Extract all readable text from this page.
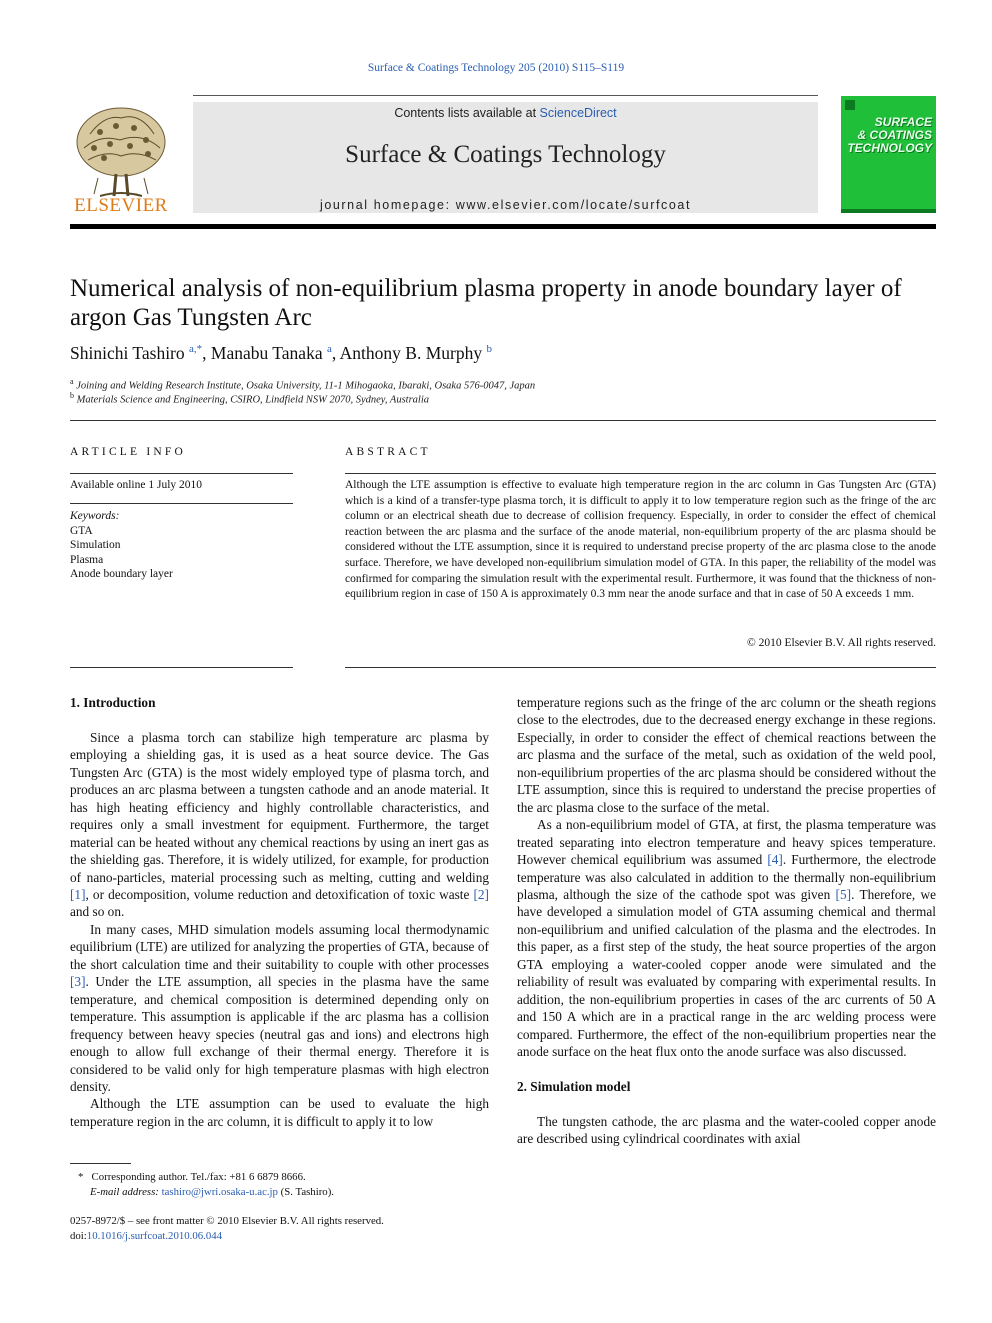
Surface & Coatings Technology 205 (2010) S115–S119
ELSEVIER
Contents lists available at ScienceDirect
Surface & Coatings Technology
journal homepage: www.elsevier.com/locate/surfcoat
SURFACE
& COATINGS
TECHNOLOGY
Numerical analysis of non-equilibrium plasma property in anode boundary layer of argon Gas Tungsten Arc
Shinichi Tashiro $^{a,*}$, Manabu Tanaka $^a$, Anthony B. Murphy $^b$
$^a$ Joining and Welding Research Institute, Osaka University, 11-1 Mihogaoka, Ibaraki, Osaka 576-0047, Japan
$^b$ Materials Science and Engineering, CSIRO, Lindfield NSW 2070, Sydney, Australia
ARTICLE INFO
Available online 1 July 2010
Keywords:
GTA
Simulation
Plasma
Anode boundary layer
ABSTRACT
Although the LTE assumption is effective to evaluate high temperature region in the arc column in Gas Tungsten Arc (GTA) which is a kind of a transfer-type plasma torch, it is difficult to apply it to low temperature region such as the fringe of the arc column or an electrical sheath due to decrease of collision frequency. Especially, in order to consider the effect of chemical reaction between the arc plasma and the surface of the anode material, non-equilibrium property of the arc plasma should be considered without the LTE assumption, since it is required to understand precise property of the arc plasma close to the anode surface. Therefore, we have developed non-equilibrium simulation model of GTA. In this paper, the reliability of the model was confirmed for comparing the simulation result with the experimental result. Furthermore, it was found that the thickness of non-equilibrium region in case of 150 A is approximately 0.3 mm near the anode surface and that in case of 50 A exceeds 1 mm.
© 2010 Elsevier B.V. All rights reserved.
1. Introduction

Since a plasma torch can stabilize high temperature arc plasma by employing a shielding gas, it is used as a heat source device. The Gas Tungsten Arc (GTA) is the most widely employed type of plasma torch, and produces an arc plasma between a tungsten cathode and an anode material. It has high heating efficiency and highly controllable characteristics, and requires only a small investment for equipment. Furthermore, the target material can be heated without any chemical reactions by using an inert gas as the shielding gas. Therefore, it is widely utilized, for example, for production of nano-particles, material processing such as melting, cutting and welding [1], or decomposition, volume reduction and detoxification of toxic waste [2] and so on.

In many cases, MHD simulation models assuming local thermodynamic equilibrium (LTE) are utilized for analyzing the properties of GTA, because of the short calculation time and their suitability to couple with other processes [3]. Under the LTE assumption, all species in the plasma have the same temperature, and chemical composition is determined depending only on temperature. This assumption is applicable if the arc plasma has a collision frequency between heavy species (neutral gas and ions) and electrons high enough to allow full exchange of their thermal energy. Therefore it is considered to be valid only for high temperature plasmas with high electron density.

Although the LTE assumption can be used to evaluate the high temperature region in the arc column, it is difficult to apply it to low

temperature regions such as the fringe of the arc column or the sheath regions close to the electrodes, due to the decreased energy exchange in these regions. Especially, in order to consider the effect of chemical reactions between the arc plasma and the surface of the metal, such as oxidation of the weld pool, non-equilibrium properties of the arc plasma should be considered without the LTE assumption, since this is required to understand the precise properties of the arc plasma close to the surface of the metal.

As a non-equilibrium model of GTA, at first, the plasma temperature was treated separating into electron temperature and heavy spices temperature. However chemical equilibrium was assumed [4]. Furthermore, the electrode temperature was also calculated in addition to the thermally non-equilibrium plasma, although the size of the cathode spot was given [5]. Therefore, we have developed a simulation model of GTA assuming chemical and thermal non-equilibrium and unified calculation of the plasma and the electrodes. In this paper, as a first step of the study, the heat source properties of the argon GTA employing a water-cooled copper anode were simulated and the reliability of result was evaluated by comparing with experimental results. In addition, the non-equilibrium properties in cases of the arc currents of 50 A and 150 A which are in a practical range in the arc welding process were compared. Furthermore, the effect of the non-equilibrium properties near the anode surface on the heat flux onto the anode surface was also discussed.

2. Simulation model

The tungsten cathode, the arc plasma and the water-cooled copper anode are described using cylindrical coordinates with axial

* Corresponding author. Tel./fax: +81 6 6879 8666.
E-mail address: tashiro@jwri.osaka-u.ac.jp (S. Tashiro).
0257-8972/$ – see front matter © 2010 Elsevier B.V. All rights reserved.
doi:10.1016/j.surfcoat.2010.06.044
